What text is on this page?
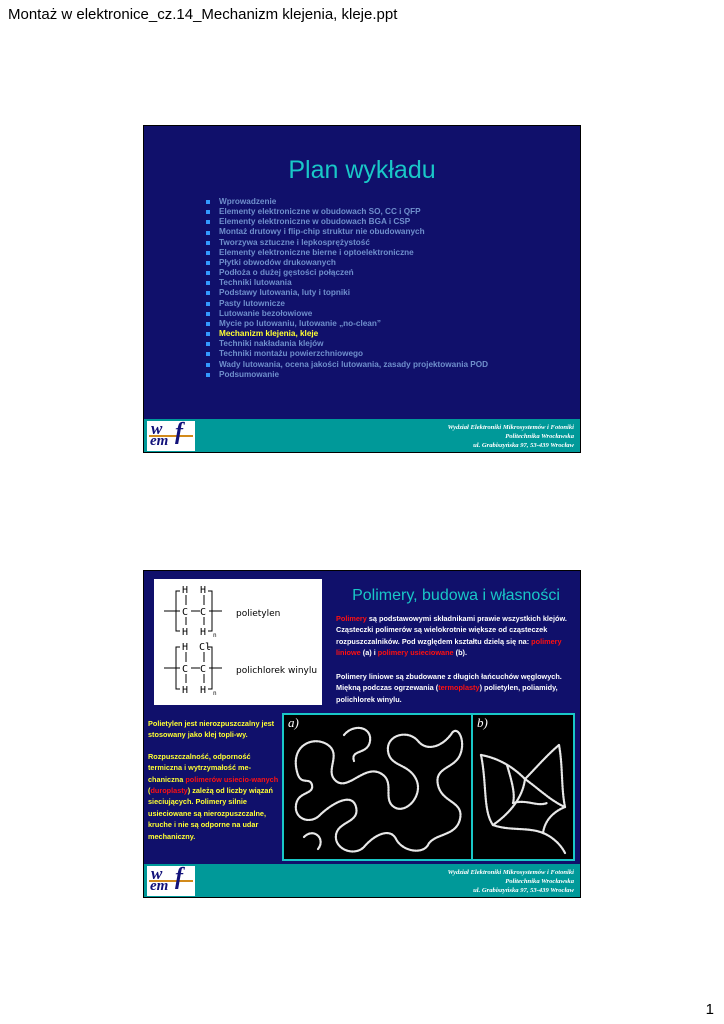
Montaż w elektronice_cz.14_Mechanizm klejenia, kleje.ppt
Plan wykładu
Wprowadzenie
Elementy elektroniczne w obudowach SO, CC i QFP
Elementy elektroniczne w obudowach BGA i CSP
Montaż drutowy i flip-chip struktur nie obudowanych
Tworzywa sztuczne i lepkosprężystość
Elementy elektroniczne bierne i optoelektroniczne
Płytki obwodów drukowanych
Podłoża o dużej gęstości połączeń
Techniki lutowania
Podstawy lutowania, luty i topniki
Pasty lutownicze
Lutowanie bezołowiowe
Mycie po lutowaniu, lutowanie „no-clean”
Mechanizm klejenia, kleje
Techniki nakładania klejów
Techniki montażu powierzchniowego
Wady lutowania, ocena jakości lutowania, zasady projektowania POD
Podsumowanie
w f
em
Wydział Elektroniki Mikrosystemów i Fotoniki
Politechnika Wrocławska
ul. Grabiszyńska 97, 53-439 Wrocław
H H
C C
H H n
polietylen
H Cl
C C
H H n
polichlorek winylu
Polimery, budowa i własności
Polimery są podstawowymi składnikami prawie wszystkich klejów. Cząsteczki polimerów są wielokrotnie większe od cząsteczek rozpuszczalników. Pod względem kształtu dzielą się na: polimery liniowe (a) i polimery usieciowane (b).
Polimery liniowe są zbudowane z długich łańcuchów węglowych. Miękną podczas ogrzewania (termoplasty) polietylen, poliamidy, polichlorek winylu.

Polietylen jest nierozpuszczalny jest stosowany jako klej topli-wy.

Rozpuszczalność, odporność termiczna i wytrzymałość me-chaniczna polimerów usiecio-wanych (duroplasty) zależą od liczby wiązań sieciujących. Polimery silnie usieciowane są nierozpuszczalne, kruche i nie są odporne na udar mechaniczny.

a)	b)
w f
em
Wydział Elektroniki Mikrosystemów i Fotoniki
Politechnika Wrocławska
ul. Grabiszyńska 97, 53-439 Wrocław
1
